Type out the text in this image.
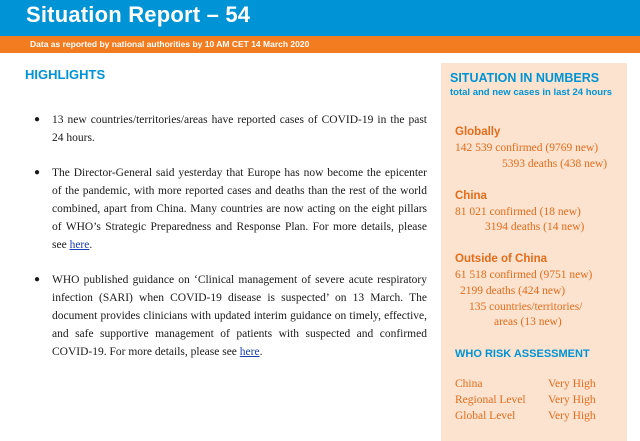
Situation Report – 54
Data as reported by national authorities by 10 AM CET 14 March 2020
HIGHLIGHTS
● 13 new countries/territories/areas have reported cases of COVID-19 in the past 24 hours.
● The Director-General said yesterday that Europe has now become the epicenter of the pandemic, with more reported cases and deaths than the rest of the world combined, apart from China. Many countries are now acting on the eight pillars of WHO’s Strategic Preparedness and Response Plan. For more details, please see here.
● WHO published guidance on ‘Clinical management of severe acute respiratory infection (SARI) when COVID-19 disease is suspected’ on 13 March. The document provides clinicians with updated interim guidance on timely, effective, and safe supportive management of patients with suspected and confirmed COVID-19. For more details, please see here.
SITUATION IN NUMBERS
total and new cases in last 24 hours
Globally
142 539 confirmed (9769 new)
5393 deaths (438 new)
China
81 021 confirmed (18 new)
3194 deaths (14 new)
Outside of China
61 518 confirmed (9751 new)
2199 deaths (424 new)
135 countries/territories/
areas (13 new)
WHO RISK ASSESSMENT
China	Very High
Regional Level Very High
Global Level	Very High
